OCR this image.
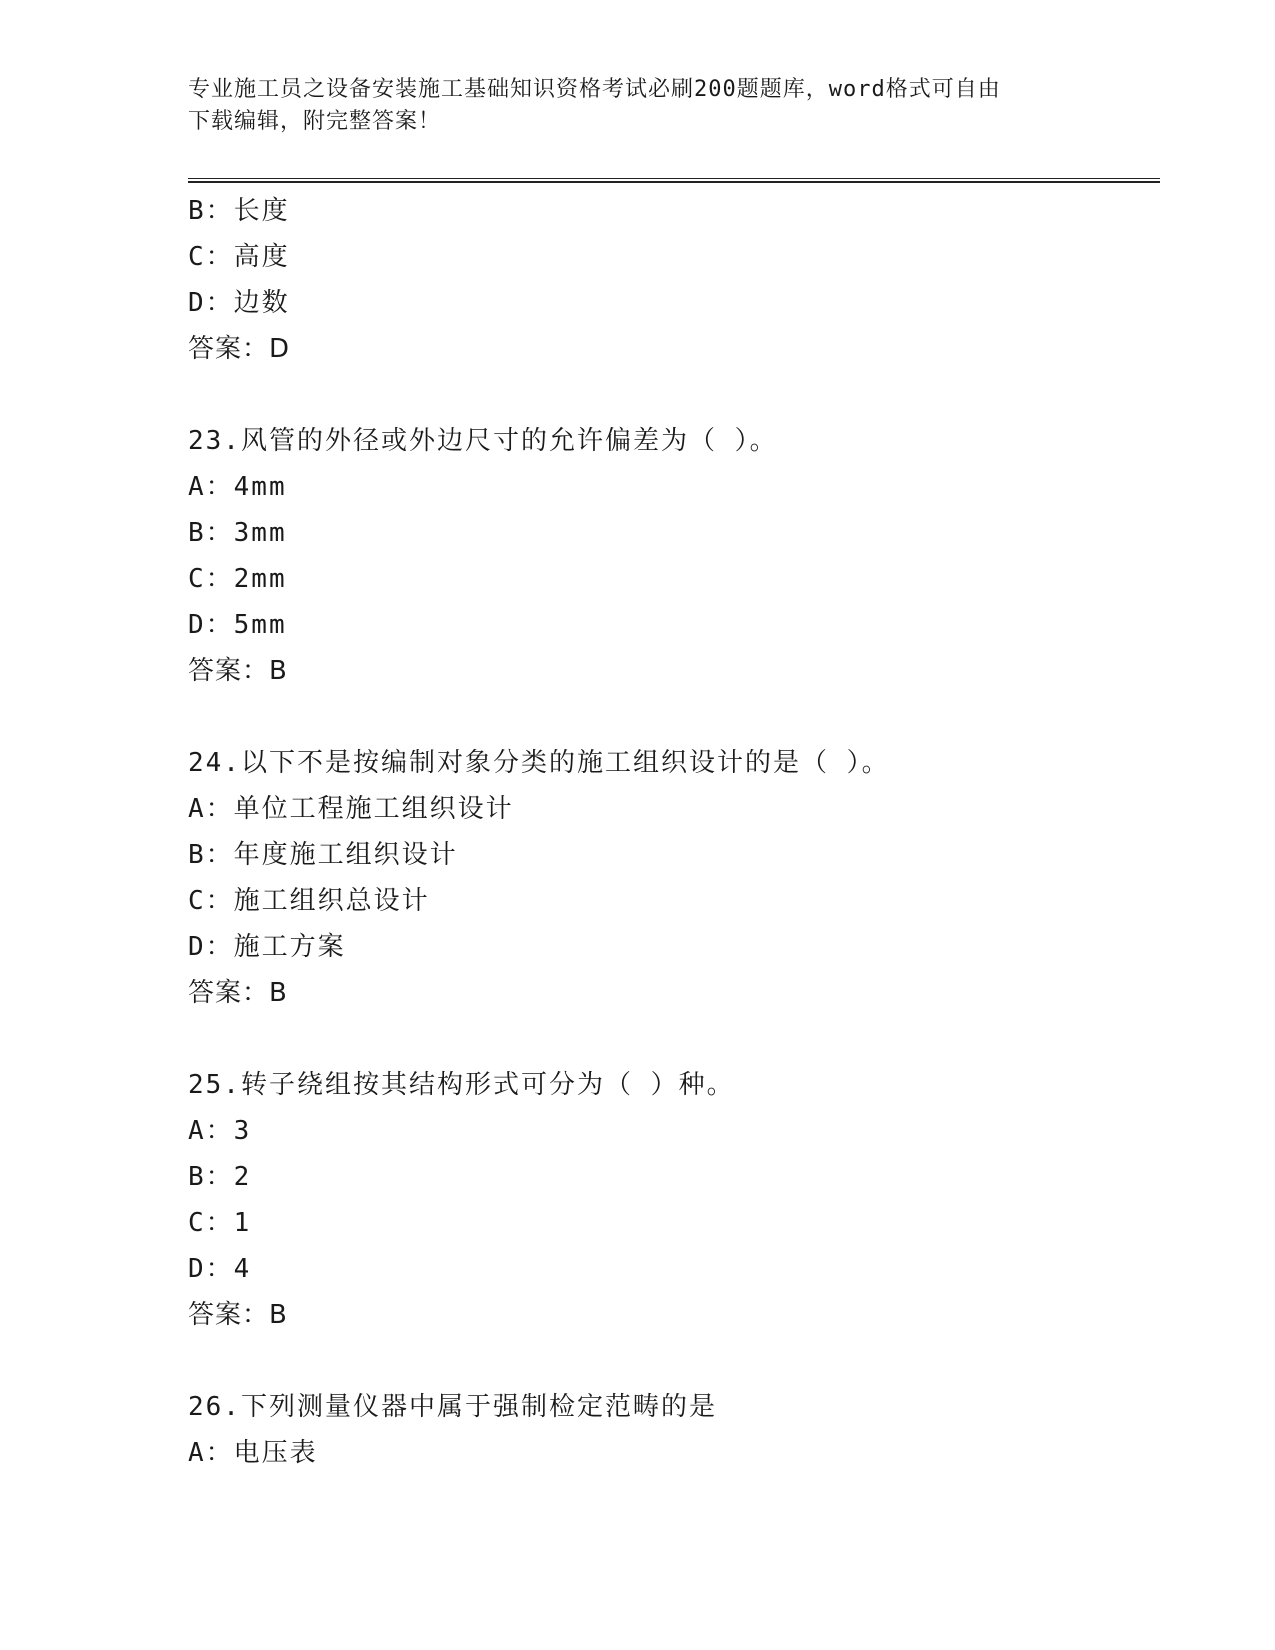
专业施工员之设备安装施工基础知识资格考试必刷200题题库，word格式可自由
下载编辑，附完整答案！
B：长度
C：高度
D：边数
答案：D
23.风管的外径或外边尺寸的允许偏差为（ ）。
A：4mm
B：3mm
C：2mm
D：5mm
答案：B
24.以下不是按编制对象分类的施工组织设计的是（ ）。
A：单位工程施工组织设计
B：年度施工组织设计
C：施工组织总设计
D：施工方案
答案：B
25.转子绕组按其结构形式可分为（ ）种。
A：3
B：2
C：1
D：4
答案：B
26.下列测量仪器中属于强制检定范畴的是
A：电压表
